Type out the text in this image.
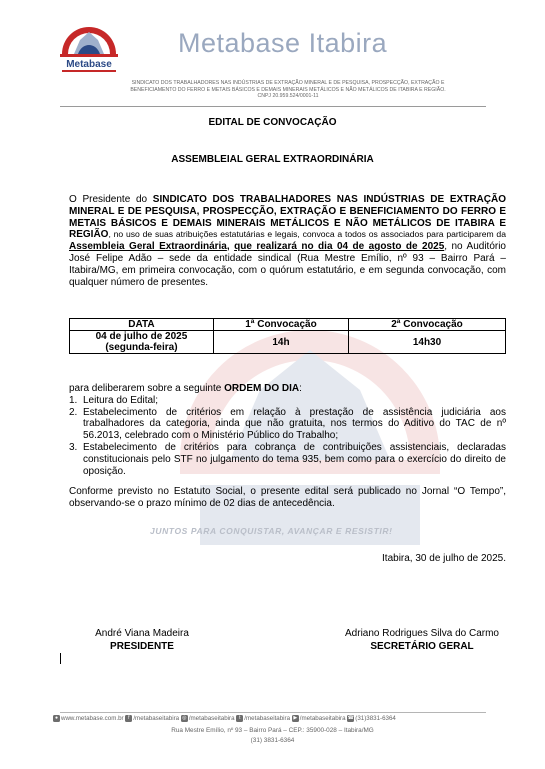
Metabase
Metabase Itabira
SINDICATO DOS TRABALHADORES NAS INDÚSTRIAS DE EXTRAÇÃO MINERAL E DE PESQUISA, PROSPECÇÃO, EXTRAÇÃO E
BENEFICIAMENTO DO FERRO E METAIS BÁSICOS E DEMAIS MINERAIS METÁLICOS E NÃO METÁLICOS DE ITABIRA E REGIÃO.
CNPJ 20.959.524/0001-11
JUNTOS PARA CONQUISTAR, AVANÇAR E RESISTIR!
EDITAL DE CONVOCAÇÃO
ASSEMBLEIAL GERAL EXTRAORDINÁRIA
O Presidente do SINDICATO DOS TRABALHADORES NAS INDÚSTRIAS DE EXTRAÇÃO MINERAL E DE PESQUISA, PROSPECÇÃO, EXTRAÇÃO E BENEFICIAMENTO DO FERRO E METAIS BÁSICOS E DEMAIS MINERAIS METÁLICOS E NÃO METÁLICOS DE ITABIRA E REGIÃO, no uso de suas atribuições estatutárias e legais, convoca a todos os associados para participarem da Assembleia Geral Extraordinária, que realizará no dia 04 de agosto de 2025, no Auditório José Felipe Adão – sede da entidade sindical (Rua Mestre Emílio, nº 93 – Bairro Pará – Itabira/MG, em primeira convocação, com o quórum estatutário, e em segunda convocação, com qualquer número de presentes.
DATA	1ª Convocação	2ª Convocação

04 de julho de 2025
(segunda-feira)	14h	14h30
para deliberarem sobre a seguinte ORDEM DO DIA:
1. Leitura do Edital;
2. Estabelecimento de critérios em relação à prestação de assistência judiciária aos trabalhadores da categoria, ainda que não gratuita, nos termos do Aditivo do TAC de nº 56.2013, celebrado com o Ministério Público do Trabalho;
3. Estabelecimento de critérios para cobrança de contribuições assistenciais, declaradas constitucionais pelo STF no julgamento do tema 935, bem como para o exercício do direito de oposição.
Conforme previsto no Estatuto Social, o presente edital será publicado no Jornal “O Tempo”, observando-se o prazo mínimo de 02 dias de antecedência.
Itabira, 30 de julho de 2025.
André Viana Madeira
PRESIDENTE
Adriano Rodrigues Silva do Carmo
SECRETÁRIO GERAL
● www.metabase.com.br f /metabaseitabira ◎ /metabaseitabira t /metabaseitabira ▶ /metabaseitabira ☎(31)3831-6364
Rua Mestre Emílio, nº 93 – Bairro Pará – CEP.: 35900-028 – Itabira/MG
(31) 3831-6364
